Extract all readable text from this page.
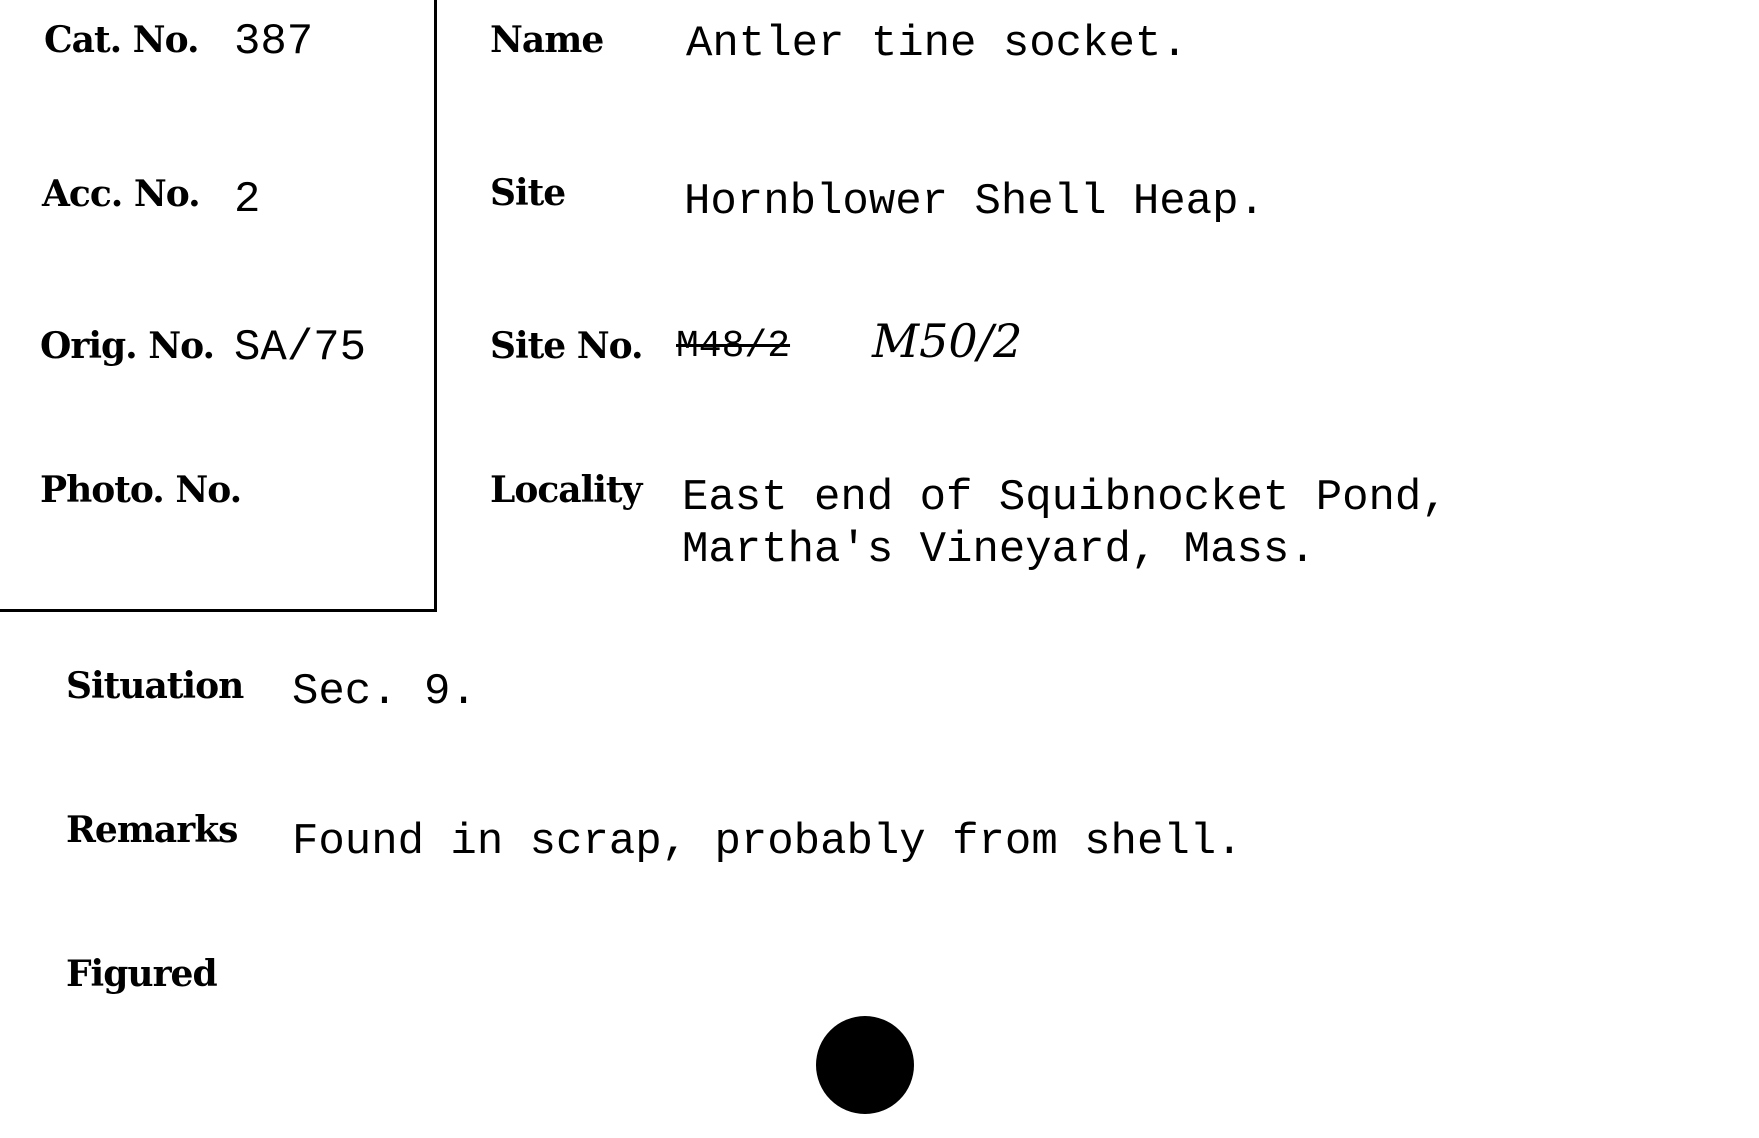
Cat. No. 387
Acc. No. 2
Orig. No. SA/75
Photo. No.
Name Antler tine socket.
Site	Hornblower Shell Heap.
Site No. M48/2 M50/2
Locality East end of Squibnocket Pond,
Martha's Vineyard, Mass.
Situation Sec. 9.
Remarks Found in scrap, probably from shell.
Figured
